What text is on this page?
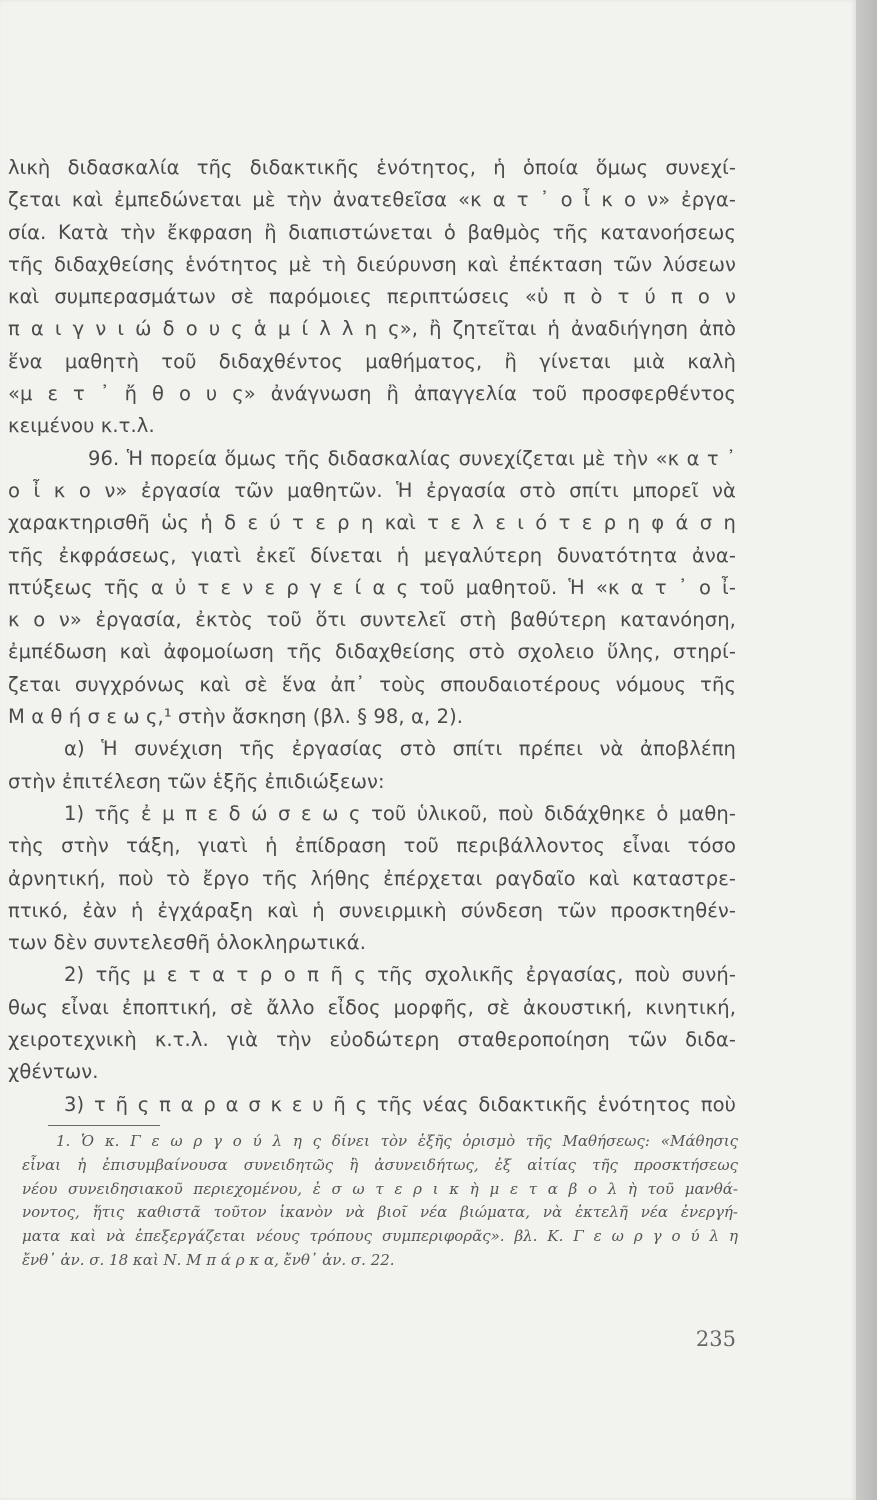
λικὴ διδασκαλία τῆς διδακτικῆς ἑνότητος, ἡ ὁποία ὅμως συνεχί-
ζεται καὶ ἐμπεδώνεται μὲ τὴν ἀνατεθεῖσα «κ α τ ᾽ ο ἶ κ ο ν» ἐργα-
σία. Κατὰ τὴν ἔκφραση ἢ διαπιστώνεται ὁ βαθμὸς τῆς κατανοήσεως
τῆς διδαχθείσης ἑνότητος μὲ τὴ διεύρυνση καὶ ἐπέκταση τῶν λύσεων
καὶ συμπερασμάτων σὲ παρόμοιες περιπτώσεις «ὑ π ὸ τ ύ π ο ν
π α ι γ ν ι ώ δ ο υ ς ἁ μ ί λ λ η ς», ἢ ζητεῖται ἡ ἀναδιήγηση ἀπὸ
ἕνα μαθητὴ τοῦ διδαχθέντος μαθήματος, ἢ γίνεται μιὰ καλὴ
«μ ε τ ᾽ ἤ θ ο υ ς» ἀνάγνωση ἢ ἀπαγγελία τοῦ προσφερθέντος
κειμένου κ.τ.λ.
96. Ἡ πορεία ὅμως τῆς διδασκαλίας συνεχίζεται μὲ τὴν «κ α τ ᾽
ο ἶ κ ο ν» ἐργασία τῶν μαθητῶν. Ἡ ἐργασία στὸ σπίτι μπορεῖ νὰ
χαρακτηρισθῆ ὡς ἡ δ ε ύ τ ε ρ η καὶ τ ε λ ε ι ό τ ε ρ η φ ά σ η
τῆς ἐκφράσεως, γιατὶ ἐκεῖ δίνεται ἡ μεγαλύτερη δυνατότητα ἀνα-
πτύξεως τῆς α ὐ τ ε ν ε ρ γ ε ί α ς τοῦ μαθητοῦ. Ἡ «κ α τ ᾽ ο ἶ-
κ ο ν» ἐργασία, ἐκτὸς τοῦ ὅτι συντελεῖ στὴ βαθύτερη κατανόηση,
ἐμπέδωση καὶ ἀφομοίωση τῆς διδαχθείσης στὸ σχολειο ὕλης, στηρί-
ζεται συγχρόνως καὶ σὲ ἕνα ἀπ᾽ τοὺς σπουδαιοτέρους νόμους τῆς
Μ α θ ή σ ε ω ς,¹ στὴν ἄσκηση (βλ. § 98, α, 2).
α) Ἡ συνέχιση τῆς ἐργασίας στὸ σπίτι πρέπει νὰ ἀποβλέπη
στὴν ἐπιτέλεση τῶν ἑξῆς ἐπιδιώξεων:
1) τῆς ἐ μ π ε δ ώ σ ε ω ς τοῦ ὑλικοῦ, ποὺ διδάχθηκε ὁ μαθη-
τὴς στὴν τάξη, γιατὶ ἡ ἐπίδραση τοῦ περιβάλλοντος εἶναι τόσο
ἀρνητική, ποὺ τὸ ἔργο τῆς λήθης ἐπέρχεται ραγδαῖο καὶ καταστρε-
πτικό, ἐὰν ἡ ἐγχάραξη καὶ ἡ συνειρμικὴ σύνδεση τῶν προσκτηθέν-
των δὲν συντελεσθῆ ὁλοκληρωτικά.
2) τῆς μ ε τ α τ ρ ο π ῆ ς τῆς σχολικῆς ἐργασίας, ποὺ συνή-
θως εἶναι ἐποπτική, σὲ ἄλλο εἶδος μορφῆς, σὲ ἀκουστική, κινητική,
χειροτεχνικὴ κ.τ.λ. γιὰ τὴν εὐοδώτερη σταθεροποίηση τῶν διδα-
χθέντων.
3) τ ῆ ς π α ρ α σ κ ε υ ῆ ς τῆς νέας διδακτικῆς ἑνότητος ποὺ
1. Ὁ κ. Γ ε ω ρ γ ο ύ λ η ς δίνει τὸν ἑξῆς ὁρισμὸ τῆς Μαθήσεως: «Μάθησις
εἶναι ἡ ἐπισυμβαίνουσα συνειδητῶς ἢ ἀσυνειδήτως, ἐξ αἰτίας τῆς προσκτήσεως
νέου συνειδησιακοῦ περιεχομένου, ἐ σ ω τ ε ρ ι κ ὴ μ ε τ α β ο λ ὴ τοῦ μανθά-
νοντος, ἥτις καθιστᾶ τοῦτον ἱκανὸν νὰ βιοῖ νέα βιώματα, νὰ ἐκτελῆ νέα ἐνεργή-
ματα καὶ νὰ ἐπεξεργάζεται νέους τρόπους συμπεριφορᾶς». βλ. Κ. Γ ε ω ρ γ ο ύ λ η
ἔνθ᾽ ἀν. σ. 18 καὶ Ν. Μ π ά ρ κ α, ἔνθ᾽ ἀν. σ. 22.
235
